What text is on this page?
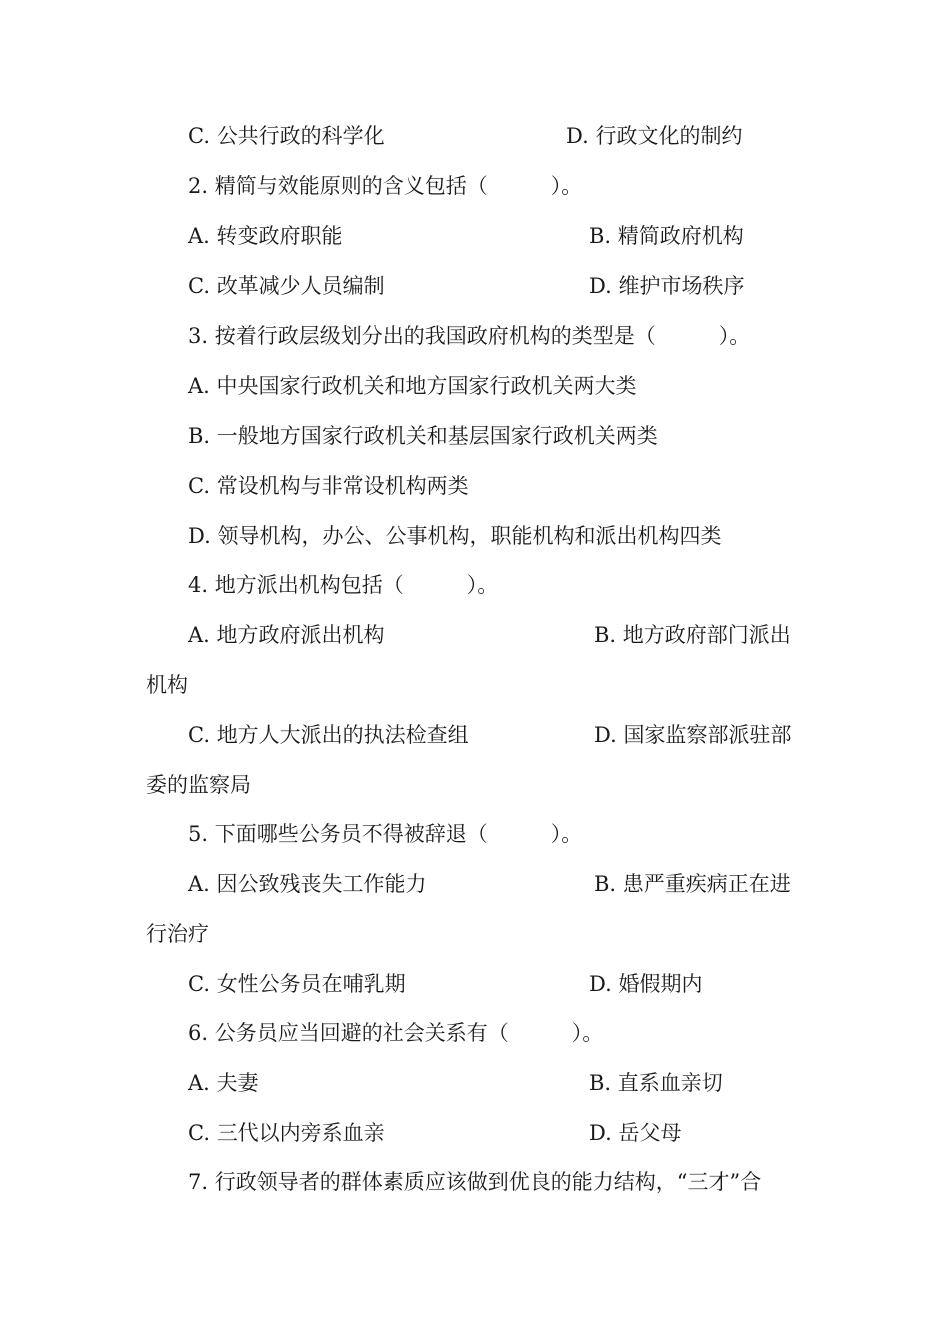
C. 公共行政的科学化	D. 行政文化的制约
2. 精简与效能原则的含义包括（　　　）。
A. 转变政府职能	B. 精简政府机构
C. 改革减少人员编制	D. 维护市场秩序
3. 按着行政层级划分出的我国政府机构的类型是（　　　）。
A. 中央国家行政机关和地方国家行政机关两大类
B. 一般地方国家行政机关和基层国家行政机关两类
C. 常设机构与非常设机构两类
D. 领导机构，办公、公事机构，职能机构和派出机构四类
4. 地方派出机构包括（　　　）。
A. 地方政府派出机构	B. 地方政府部门派出
机构
C. 地方人大派出的执法检查组	D. 国家监察部派驻部
委的监察局
5. 下面哪些公务员不得被辞退（　　　）。
A. 因公致残丧失工作能力	B. 患严重疾病正在进
行治疗
C. 女性公务员在哺乳期	D. 婚假期内
6. 公务员应当回避的社会关系有（　　　）。
A. 夫妻	B. 直系血亲切
C. 三代以内旁系血亲	D. 岳父母
7. 行政领导者的群体素质应该做到优良的能力结构，“三才”合
